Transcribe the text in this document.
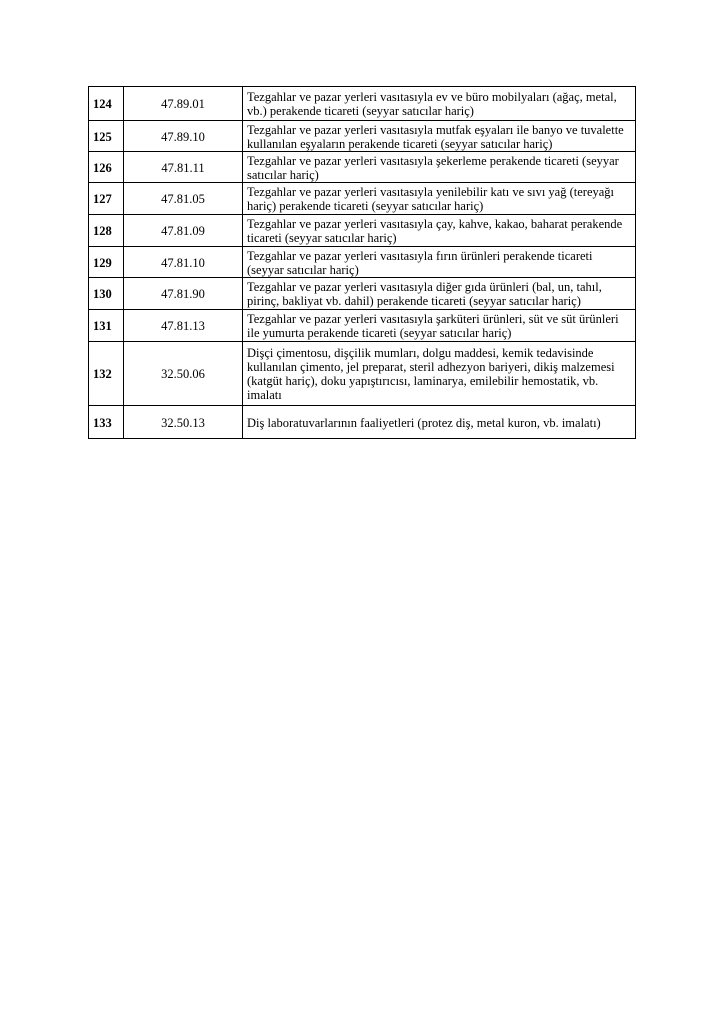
124	47.89.01	Tezgahlar ve pazar yerleri vasıtasıyla ev ve büro mobilyaları (ağaç, metal, vb.) perakende ticareti (seyyar satıcılar hariç)
125	47.89.10	Tezgahlar ve pazar yerleri vasıtasıyla mutfak eşyaları ile banyo ve tuvalette kullanılan eşyaların perakende ticareti (seyyar satıcılar hariç)
126	47.81.11	Tezgahlar ve pazar yerleri vasıtasıyla şekerleme perakende ticareti (seyyar satıcılar hariç)
127	47.81.05	Tezgahlar ve pazar yerleri vasıtasıyla yenilebilir katı ve sıvı yağ (tereyağı hariç) perakende ticareti (seyyar satıcılar hariç)
128	47.81.09	Tezgahlar ve pazar yerleri vasıtasıyla çay, kahve, kakao, baharat perakende ticareti (seyyar satıcılar hariç)
129	47.81.10	Tezgahlar ve pazar yerleri vasıtasıyla fırın ürünleri perakende ticareti (seyyar satıcılar hariç)
130	47.81.90	Tezgahlar ve pazar yerleri vasıtasıyla diğer gıda ürünleri (bal, un, tahıl, pirinç, bakliyat vb. dahil) perakende ticareti (seyyar satıcılar hariç)
131	47.81.13	Tezgahlar ve pazar yerleri vasıtasıyla şarküteri ürünleri, süt ve süt ürünleri ile yumurta perakende ticareti (seyyar satıcılar hariç)
132	32.50.06	Dişçi çimentosu, dişçilik mumları, dolgu maddesi, kemik tedavisinde kullanılan çimento, jel preparat, steril adhezyon bariyeri, dikiş malzemesi (katgüt hariç), doku yapıştırıcısı, laminarya, emilebilir hemostatik, vb. imalatı
133	32.50.13	Diş laboratuvarlarının faaliyetleri (protez diş, metal kuron, vb. imalatı)
